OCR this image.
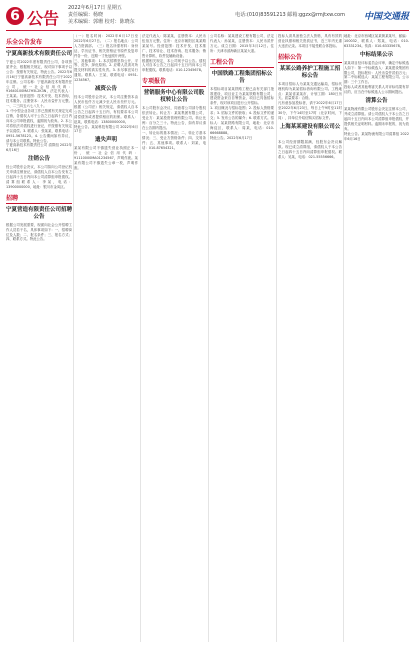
6 公告
2022年6月17日 星期五
责任编辑：杨晓
美术编辑：郭珊 校对：陈晓东
电话:(010)83591213 邮箱:ggzx@rmjtxw.com 中国交通报
乐全公告发布
宁夏高新技术有限责任公司
宁夏公司2022年度有限责任公司，各项资质齐全，根据相关规定，现对如下事项予以公告：按照有关规定，特此公告。2022年6月16日宁夏高新技术有限责任公司于2022年注销。公司名称：宁夏高新技术有限责任公司，统一社会信用代码：91640100MA7H5L2K3N，法定代表人：王某某。经营范围：技术开发、技术咨询、技术服务。注册资本：人民币壹仟万元整。一、二三四五六七八九十。
1. 中小型企业各项工作已按照有关规定完成注销，各债权人可于公告之日起四十五日内向本公司申报债权，逾期视为放弃。2. 本公司将依法对债权进行登记，并按照有关规定予以清偿。3. 联系人：张某某，联系电话：0951-5678123。4. 公告期间如有异议，请与本公司联系。特此公告。
宁夏高新技术有限责任公司 清算组 2022年6月16日
注销公告
经公司股东会决议，本公司拟向公司登记机关申请注销登记，请债权人自本公告发布之日起四十五日内向本公司清算组申报债权。清算组联系人：李某，电话：13900000000，地址：银川市金凤区。
招聘
宁夏营造有限责任公司招聘公告
根据公司发展需要，现面向社会公开招聘工作人员若干名，具体事项如下：一、招聘岗位及人数；二、报名条件；三、报名方式；四、联系方式。特此公告。
（一）报名时间：2022年6月17日至2022年6月27日。（二）报名地点：公司人力资源部。（三）报名所需材料：身份证、学历证书、相关资格证书原件及复印件各一份，近期一寸免冠照片两张。
三、其他事项：1. 本次招聘坚持公开、平等、竞争、择优原则。2. 应聘人员须对所提交材料的真实性负责。3. 未尽事宜另行通知。联系人：王某，联系电话：0951-1234567。
减资公告
经本公司股东会决议，本公司注册资本由人民币伍仟万元减少至人民币叁仟万元。根据《公司法》相关规定，请债权人自本公告之日起四十五日内，有权要求本公司清偿债务或者提供相应的担保。联系人：赵某，联系电话：13800000000。
特此公告。某某科技有限公司 2022年6月17日
遗失声明
某某有限公司不慎遗失营业执照正本一份，统一社会信用代码：91110000MA01234567，声明作废。某某有限公司不慎遗失公章一枚，声明作废。
法定代表人：陈某某，注册资本：人民币伍佰万元整。住所：北京市朝阳区某某路某某号。经营范围：技术开发、技术推广、技术转让、技术咨询、技术服务；销售计算机、软件及辅助设备。
根据相关规定，本公司现予以公告。债权人可自本公告之日起四十五日内向本公司申报债权。联系电话：010-12345678。
专项报告
营销服务中心有限公司股权转让公告
本公司股东会决议，同意将公司部分股权依法转让。转让方：某某集团有限公司，受让方：某某投资管理有限公司。转让比例：百分之三十。特此公告，如有异议请在公告期内提出。
一、转让标的基本情况；二、转让方基本情况；三、受让方资格条件；四、交易条件；五、其他事项。联系人：刘某，电话：010-87654321。
公司名称：某某建设工程有限公司，法定代表人：孙某某，注册资本：人民币贰仟万元。成立日期：2015年3月12日。住所：天津市滨海新区某某大道。
工程公告
中国铁路工程集团招标公告
本招标项目某某铁路工程已由有关部门批准建设，项目业主为某某铁路有限公司，建设资金来自自筹资金，项目已具备招标条件，现对该项目进行公开招标。
1. 项目概况与招标范围；2. 投标人资格要求；3. 招标文件的获取；4. 投标文件的递交；5. 发布公告的媒介；6. 联系方式。招标人：某某铁路有限公司，地址：北京市海淀区，联系人：周某，电话：010-66668888。
特此公告。2022年6月17日
投标人须具备独立法人资格，具有有效的营业执照和相关资质证书，近三年内无重大违法记录。本项目不接受联合体投标。
招标公告
某某公路养护工程施工招标公告
本项目招标人为某某交通运输局，招标代理机构为某某招标咨询有限公司。工程地点：某某省某某市，计划工期：180日历天。质量要求：合格。
凡有意参加投标者，请于2022年6月17日至2022年6月23日，每日上午9时至11时30分，下午14时至17时（北京时间，下同），持单位介绍信购买招标文件。
上海某某建设有限公司公告
本公司经营期限届满，经股东会决议解散。现已成立清算组，请债权人于本公告之日起四十五日内向清算组申报债权。联系人：吴某，电话：021-55556666。
地址：北京市西城区某某街某某号，邮编：100032，联系人：郑某，电话：010-63331234。传真：010-63335678。
中标结果公示
某某项目经评标委员会评审，确定中标候选人如下：第一中标候选人：某某建设集团有限公司，投标报价：人民币壹仟贰佰万元；第二中标候选人：某某工程有限公司。公示期：三个工作日。
投标人或者其他利害关系人对评标结果有异议的，应当在中标候选人公示期间提出。
清算公告
某某物流有限公司股东会决定注销本公司，并成立清算组。请公司债权人于本公告之日起四十五日内向本公司清算组申报债权，并提供相关证明材料。逾期未申报的，视为放弃。
特此公告。某某物流有限公司清算组 2022年6月16日
